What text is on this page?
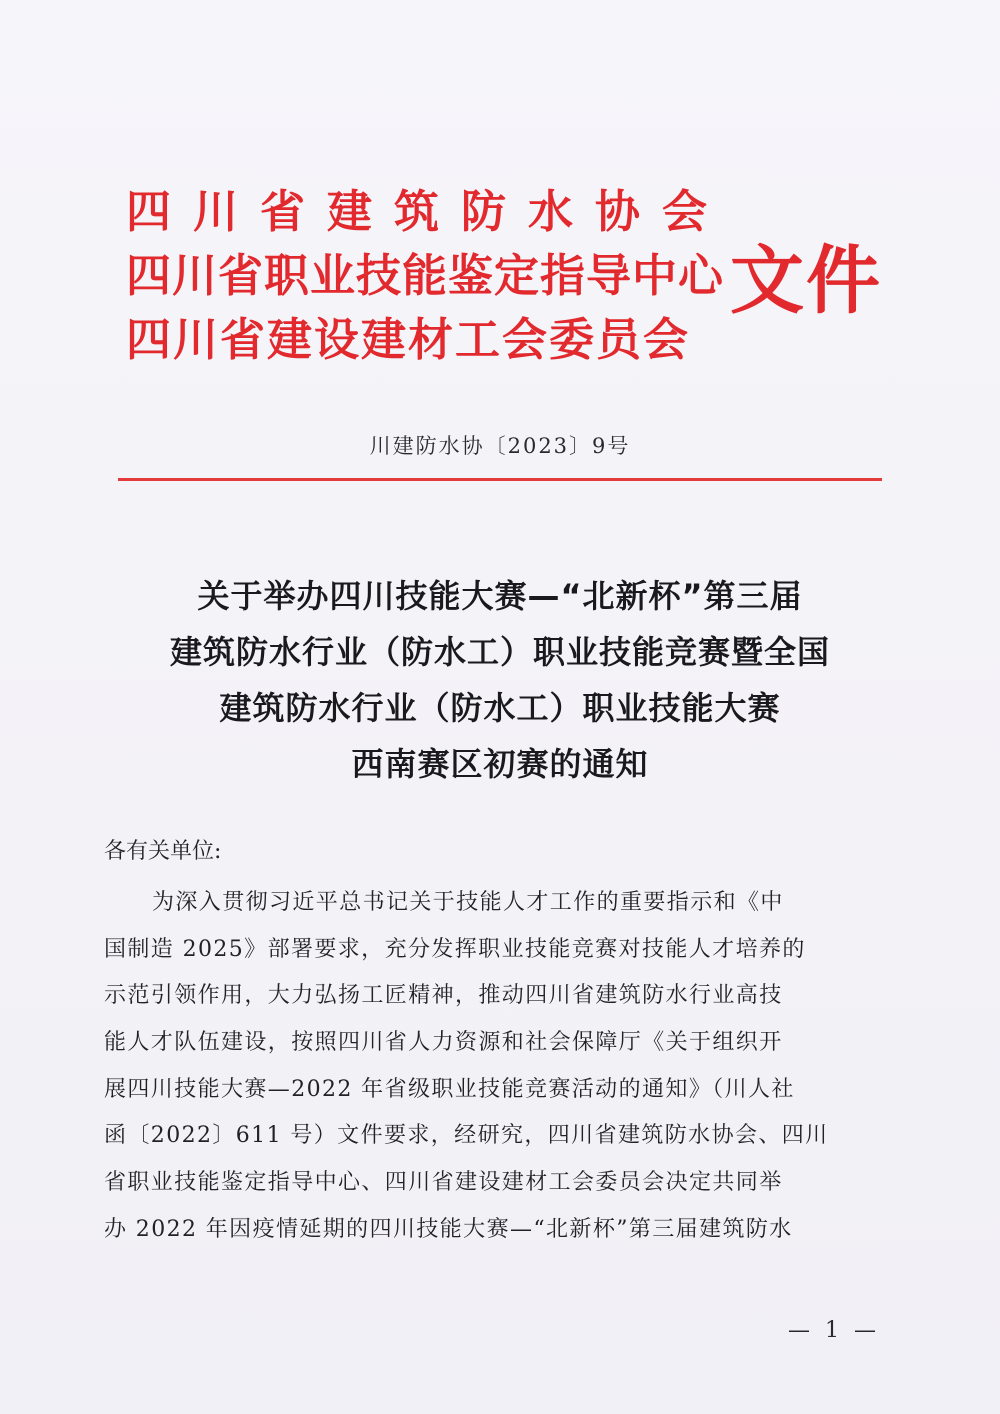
四川省建筑防水协会
四川省职业技能鉴定指导中心
四川省建设建材工会委员会
文件
川建防水协〔2023〕9号
关于举办四川技能大赛—“北新杯”第三届
建筑防水行业（防水工）职业技能竞赛暨全国
建筑防水行业（防水工）职业技能大赛
西南赛区初赛的通知
各有关单位:
为深入贯彻习近平总书记关于技能人才工作的重要指示和《中
国制造 2025》部署要求，充分发挥职业技能竞赛对技能人才培养的
示范引领作用，大力弘扬工匠精神，推动四川省建筑防水行业高技
能人才队伍建设，按照四川省人力资源和社会保障厅《关于组织开
展四川技能大赛—2022 年省级职业技能竞赛活动的通知》（川人社
函〔2022〕611 号）文件要求，经研究，四川省建筑防水协会、四川
省职业技能鉴定指导中心、四川省建设建材工会委员会决定共同举
办 2022 年因疫情延期的四川技能大赛—“北新杯”第三届建筑防水
— 1 —
